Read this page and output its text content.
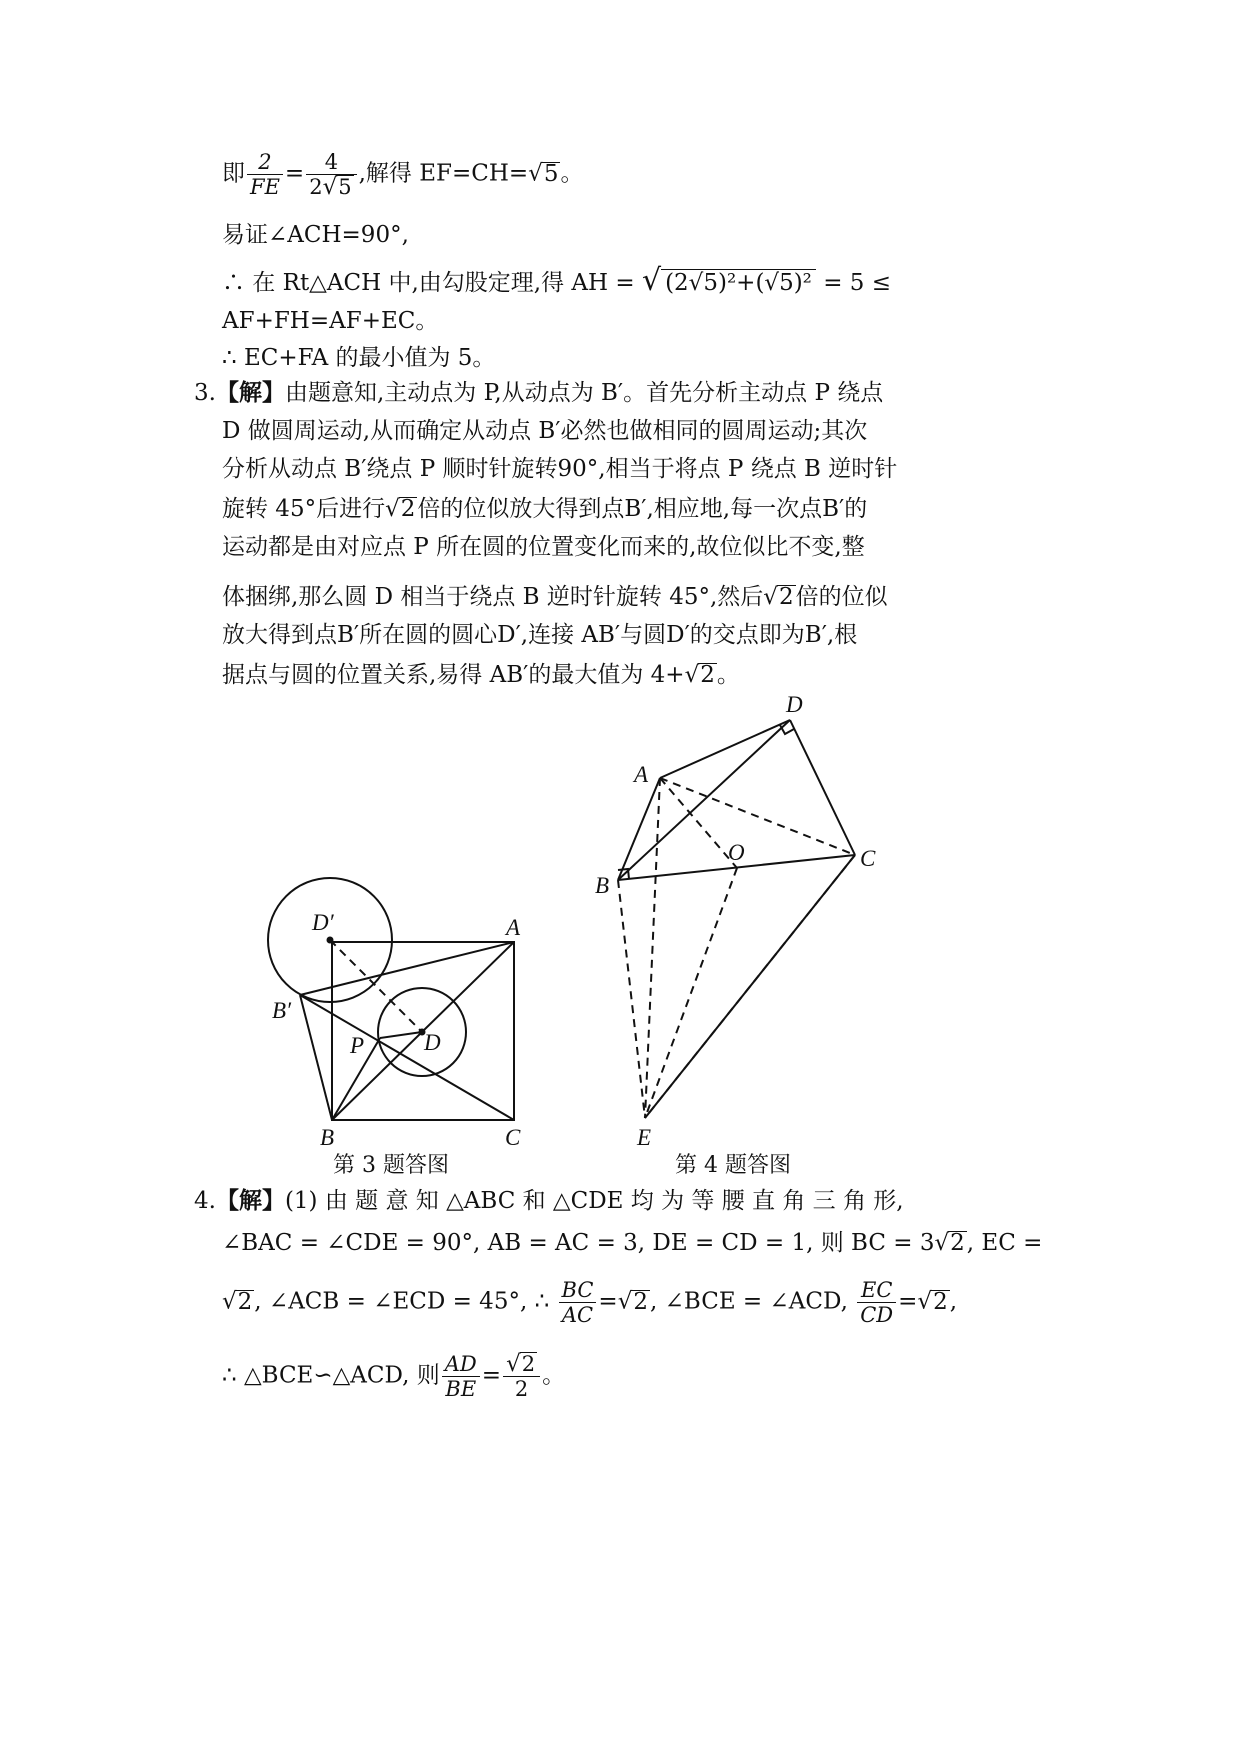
即 $\frac{2}{FE} = \frac{4}{2√5}$ ,解得 EF=CH=√5。
易证∠ACH=90°,
∴ 在 Rt△ACH 中,由勾股定理,得 AH = √ (2√5)²+(√5)² = 5 ≤
AF+FH=AF+EC。
∴ EC+FA 的最小值为 5。
3.【解】由题意知,主动点为 P,从动点为 B′。首先分析主动点 P 绕点
D 做圆周运动,从而确定从动点 B′必然也做相同的圆周运动;其次
分析从动点 B′绕点 P 顺时针旋转90°,相当于将点 P 绕点 B 逆时针
旋转 45°后进行√2倍的位似放大得到点B′,相应地,每一次点B′的
运动都是由对应点 P 所在圆的位置变化而来的,故位似比不变,整
体捆绑,那么圆 D 相当于绕点 B 逆时针旋转 45°,然后√2倍的位似
放大得到点B′所在圆的圆心D′,连接 AB′与圆D′的交点即为B′,根
据点与圆的位置关系,易得 AB′的最大值为 4+√2。
A
B	C
D
P
B′
D′
A
B
C
D
O
E
第 3 题答图	第 4 题答图
4.【解】(1) 由 题 意 知 △ABC 和 △CDE 均 为 等 腰 直 角 三 角 形,
∠BAC = ∠CDE = 90°, AB = AC = 3, DE = CD = 1, 则 BC = 3√2, EC =
√2, ∠ACB = ∠ECD = 45°, ∴ $\frac{BC}{AC} =√2$, ∠BCE = ∠ACD, $\frac{EC}{CD} =√2$,
∴ △BCE∽△ACD, 则 $\frac{AD}{BE} = \frac{√2}{2}$ 。
